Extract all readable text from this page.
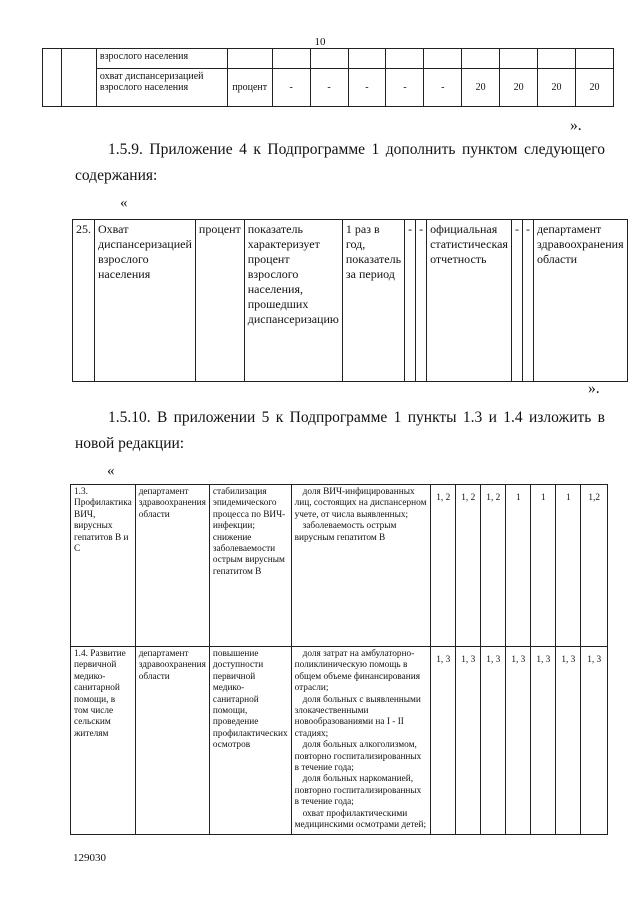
10
		взрослого населения										
		охват диспансеризацией взрослого населения	процент	-	-	-	-	-	20	20	20	20
».
1.5.9. Приложение 4 к Подпрограмме 1 дополнить пунктом следующего содержания:
«
25.	Охват диспансеризацией взрослого населения	процент	показатель характеризует процент взрослого населения, прошедших диспансеризацию	1 раз в год, показатель за период	-	-	официальная статистическая отчетность	-	-	департамент здравоохранения области
».
1.5.10. В приложении 5 к Подпрограмме 1 пункты 1.3 и 1.4 изложить в новой редакции:
«
1.3. Профилактика ВИЧ, вирусных гепатитов В и С	департамент здравоохранения области	стабилизация эпидемического процесса по ВИЧ-инфекции; снижение заболеваемости острым вирусным гепатитом В	доля ВИЧ-инфицированных лиц, состоящих на диспансерном учете, от числа выявленных;
заболеваемость острым вирусным гепатитом В	1, 2	1, 2	1, 2	1	1	1	1,2
1.4. Развитие первичной медико-санитарной помощи, в том числе сельским жителям	департамент здравоохранения области	повышение доступности первичной медико-санитарной помощи, проведение профилактических осмотров	доля затрат на амбулаторно-поликлиническую помощь в общем объеме финансирования отрасли;
доля больных с выявленными злокачественными новообразованиями на I - II стадиях;
доля больных алкоголизмом, повторно госпитализированных в течение года;
доля больных наркоманией, повторно госпитализированных в течение года;
охват профилактическими медицинскими осмотрами детей;	1, 3	1, 3	1, 3	1, 3	1, 3	1, 3	1, 3
129030
